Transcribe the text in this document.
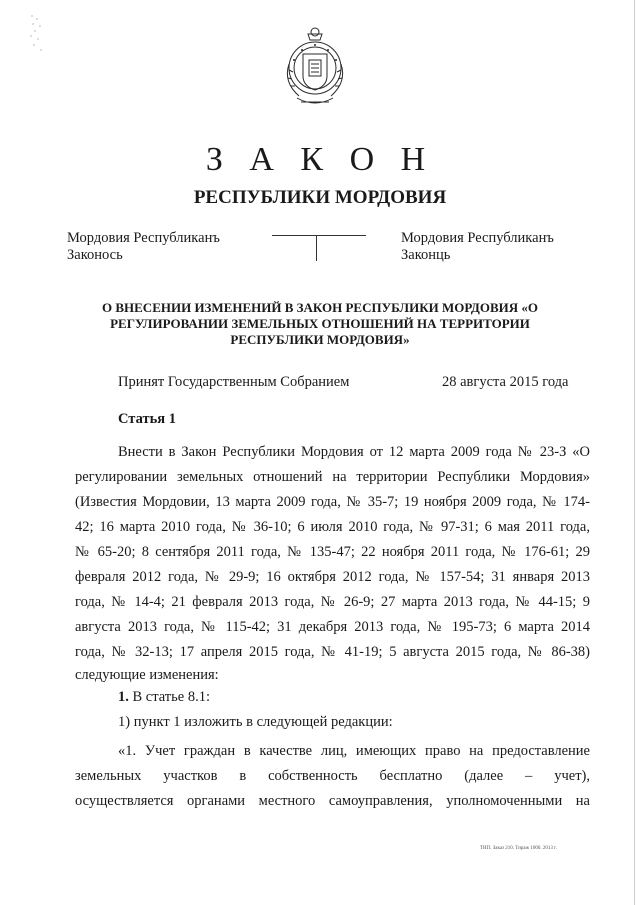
З А К О Н
РЕСПУБЛИКИ МОРДОВИЯ
Мордовия Республиканъ
Законось
Мордовия Республиканъ
Законць
О ВНЕСЕНИИ ИЗМЕНЕНИЙ В ЗАКОН РЕСПУБЛИКИ МОРДОВИЯ «О РЕГУЛИРОВАНИИ ЗЕМЕЛЬНЫХ ОТНОШЕНИЙ НА ТЕРРИТОРИИ РЕСПУБЛИКИ МОРДОВИЯ»
Принят Государственным Собранием	28 августа 2015 года
Статья 1
Внести в Закон Республики Мордовия от 12 марта 2009 года № 23-З «О
регулировании земельных отношений на территории Республики Мордовия»
(Известия Мордовии, 13 марта 2009 года, № 35-7; 19 ноября 2009 года, № 174-
42; 16 марта 2010 года, № 36-10; 6 июля 2010 года, № 97-31; 6 мая 2011 года,
№ 65-20; 8 сентября 2011 года, № 135-47; 22 ноября 2011 года, № 176-61; 29
февраля 2012 года, № 29-9; 16 октября 2012 года, № 157-54; 31 января 2013
года, № 14-4; 21 февраля 2013 года, № 26-9; 27 марта 2013 года, № 44-15; 9
августа 2013 года, № 115-42; 31 декабря 2013 года, № 195-73; 6 марта 2014
года, № 32-13; 17 апреля 2015 года, № 41-19; 5 августа 2015 года, № 86-38)
следующие изменения:
1. В статье 8.1:
1) пункт 1 изложить в следующей редакции:
«1. Учет граждан в качестве лиц, имеющих право на предоставление
земельных участков в собственность бесплатно (далее – учет),
осуществляется органами местного самоуправления, уполномоченными на
ТИП. Заказ 210. Тираж 1000. 2013 г.
